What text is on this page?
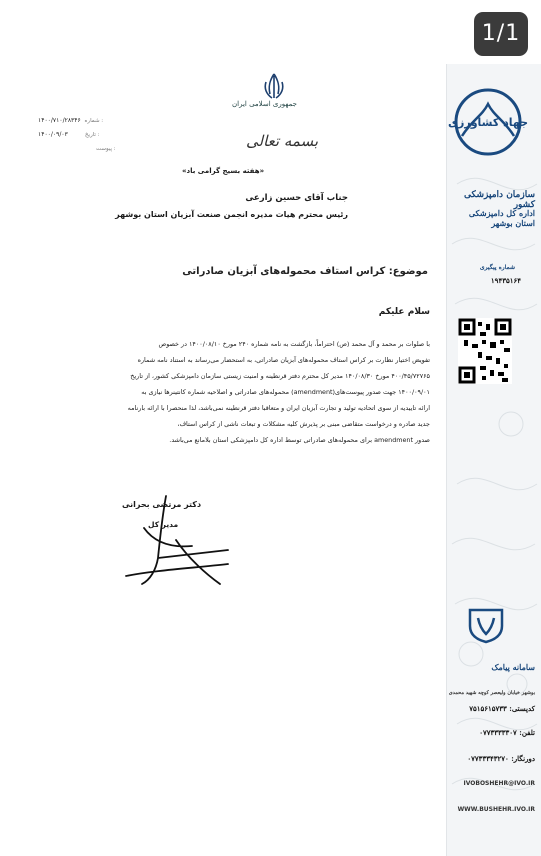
جمهوری اسلامی ایران
بسمه تعالی
۱۴۰۰/۷۱۰/۲۸۳۴۶ شماره :
۱۴۰۰/۰۹/۰۳	تاریخ :
پیوست :
«هفته بسیج گرامی باد»
جناب آقای حسین زارعی
رئیس محترم هیات مدیره انجمن صنعت آبزیان استان بوشهر
موضوع: کراس استاف محموله‌های آبزیان صادراتی
سلام علیکم
با صلوات بر محمد و آل محمد (ص) احتراماً، بازگشت به نامه شماره ۲۴۰ مورخ ۱۴۰۰/۰۸/۱۰ در خصوص
تفویض اختیار نظارت بر کراس استاف محموله‌های آبزیان صادراتی، به استحضار می‌رساند به استناد نامه شماره
۴۰۰/۴۵/۷۲۷۶۵ مورخ ۱۴۰/۰۸/۳۰ مدیر کل محترم دفتر قرنطینه و امنیت زیستی سازمان دامپزشکی کشور، از تاریخ
۱۴۰۰/۰۹/۰۱ جهت صدور پیوست‌های(amendment) محموله‌های صادراتی و اصلاحیه شماره کانتینرها نیازی به
ارائه تاییدیه از سوی اتحادیه تولید و تجارت آبزیان ایران و متعاقبا دفتر قرنطینه نمی‌باشد، لذا منحصرا با ارائه بارنامه
جدید صادره و درخواست متقاضی مبنی بر پذیرش کلیه مشکلات و تبعات ناشی از کراس استاف،
صدور amendment برای محموله‌های صادراتی توسط اداره کل دامپزشکی استان بلامانع می‌باشد.
دکتر مرتضی بحرانی
مدیر کل
سازمان دامپزشکی کشور
اداره کل دامپزشکی استان بوشهر
شماره پیگیری
۱۹۴۳۵۱۶۴
سامانه پیامک
بوشهر خیابان ولیعصر کوچه شهید محمدی
کدپستی: ۷۵۱۵۶۱۵۷۳۳
تلفن: ۰۷۷۳۳۳۳۳۰۷
دورنگار: ۰۷۷۳۳۳۴۳۲۷۰
IVOBOSHEHR@IVO.IR
WWW.BUSHEHR.IVO.IR
جهاد کشاورزی
1/1
